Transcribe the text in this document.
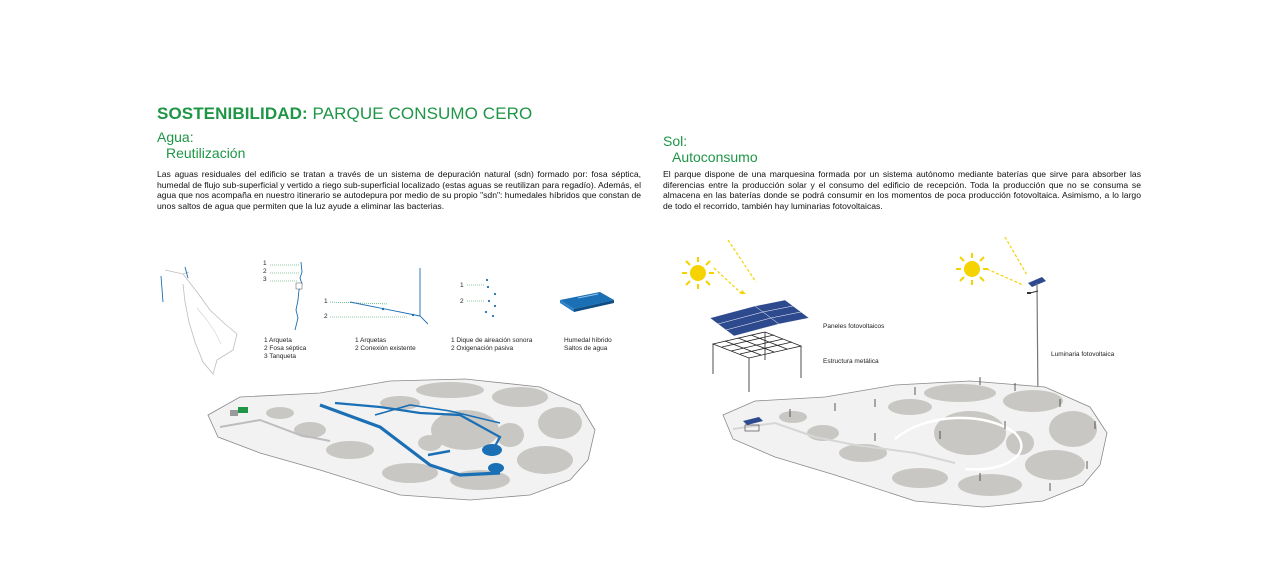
SOSTENIBILIDAD: PARQUE CONSUMO CERO
Agua:
Reutilización
Las aguas residuales del edificio se tratan a través de un sistema de depuración natural (sdn) formado por: fosa séptica, humedal de flujo sub-superficial y vertido a riego sub-superficial localizado (estas aguas se reutilizan para regadío). Además, el agua que nos acompaña en nuestro itinerario se autodepura por medio de su propio "sdn": humedales híbridos que constan de unos saltos de agua que permiten que la luz ayude a eliminar las bacterias.
Sol:
Autoconsumo
El parque dispone de una marquesina formada por un sistema autónomo mediante baterías que sirve para absorber las diferencias entre la producción solar y el consumo del edificio de recepción. Toda la producción que no se consuma se almacena en las baterías donde se podrá consumir en los momentos de poca producción fotovoltaica. Asimismo, a lo largo de todo el recorrido, también hay luminarias fotovoltaicas.
1
2
3
1 Arqueta
2 Fosa séptica
3 Tanqueta
1
2
1 Arquetas
2 Conexión existente
1
2
1 Dique de aireación sonora
2 Oxigenación pasiva
Humedal híbrido
Saltos de agua
Paneles fotovoltaicos
Estructura metálica
Luminaria fotovoltaica
